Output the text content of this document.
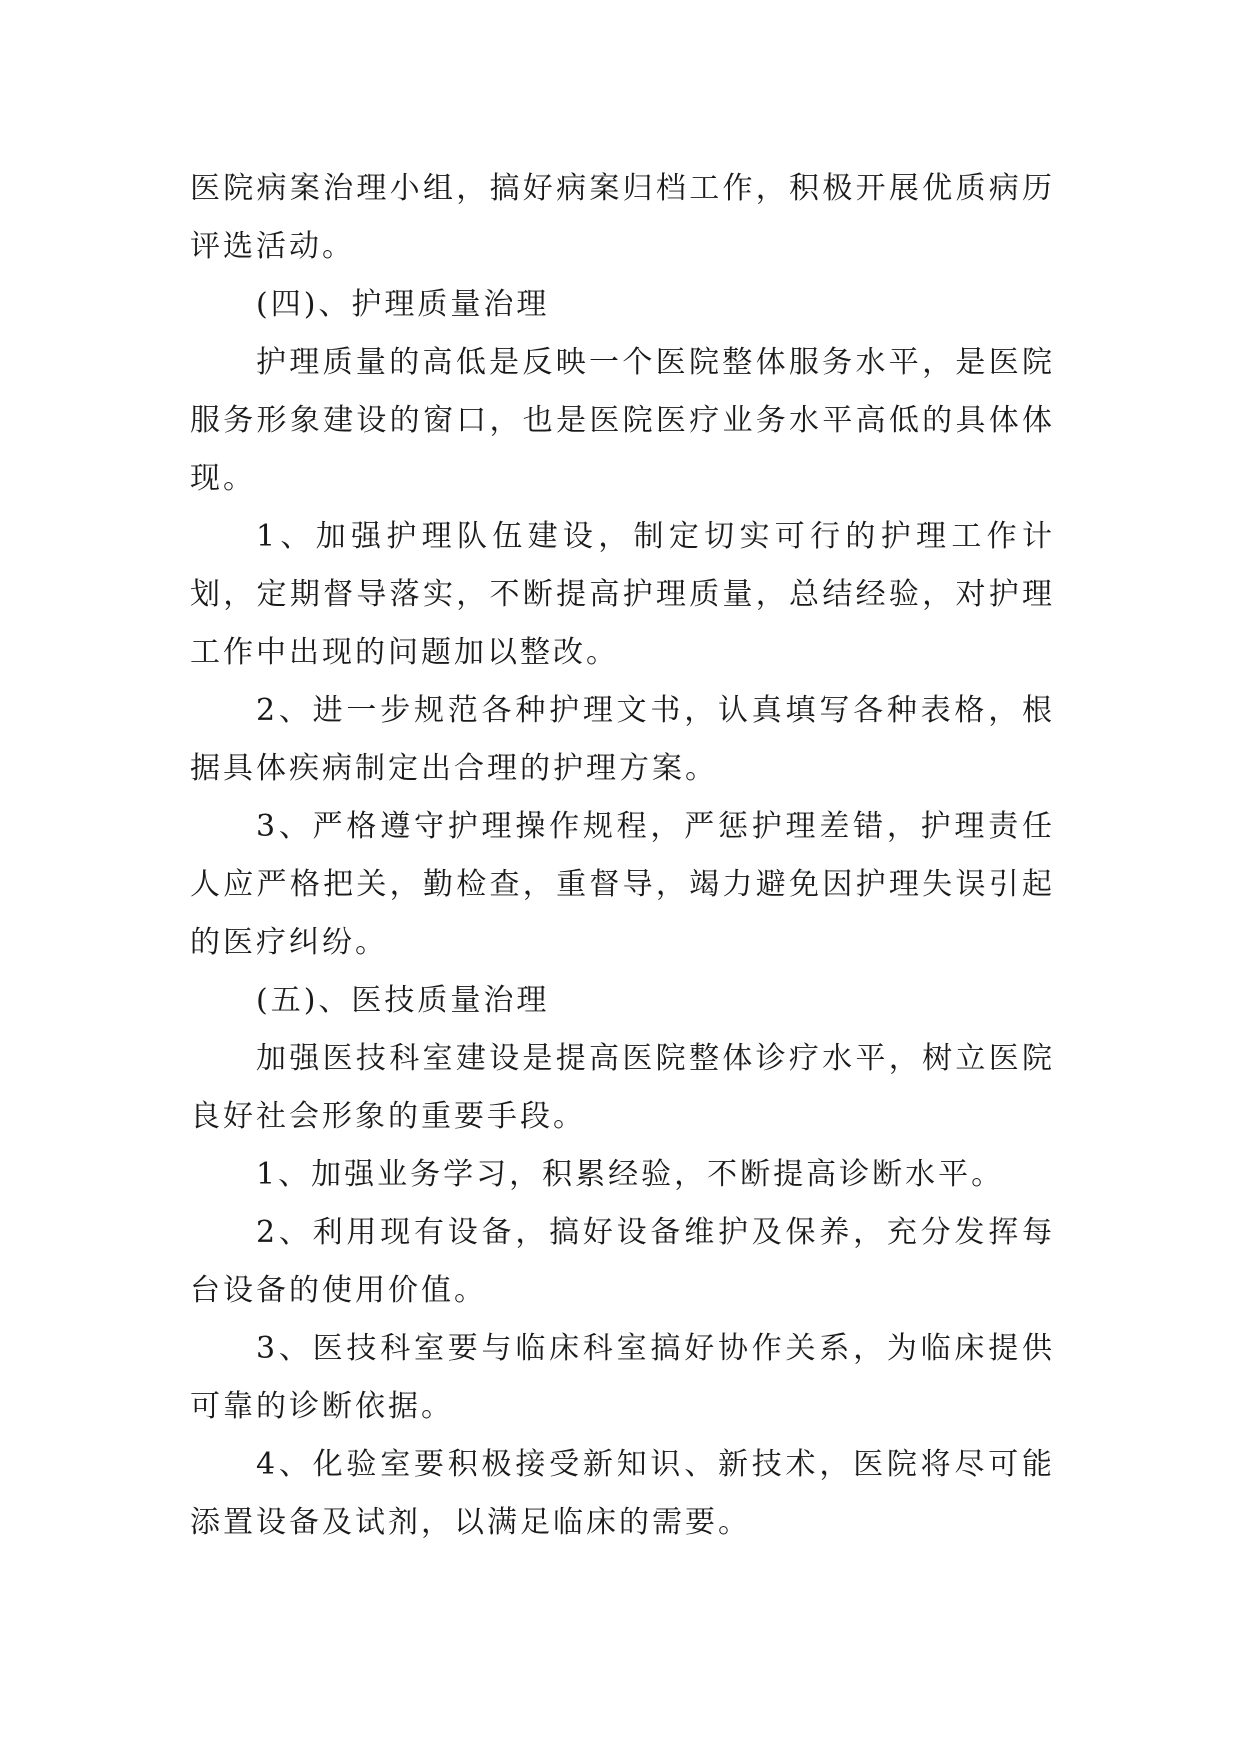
医院病案治理小组，搞好病案归档工作，积极开展优质病历评选活动。

(四)、护理质量治理

护理质量的高低是反映一个医院整体服务水平，是医院服务形象建设的窗口，也是医院医疗业务水平高低的具体体现。

1、加强护理队伍建设，制定切实可行的护理工作计划，定期督导落实，不断提高护理质量，总结经验，对护理工作中出现的问题加以整改。

2、进一步规范各种护理文书，认真填写各种表格，根据具体疾病制定出合理的护理方案。

3、严格遵守护理操作规程，严惩护理差错，护理责任人应严格把关，勤检查，重督导，竭力避免因护理失误引起的医疗纠纷。

(五)、医技质量治理

加强医技科室建设是提高医院整体诊疗水平，树立医院良好社会形象的重要手段。

1、加强业务学习，积累经验，不断提高诊断水平。

2、利用现有设备，搞好设备维护及保养，充分发挥每台设备的使用价值。

3、医技科室要与临床科室搞好协作关系，为临床提供可靠的诊断依据。

4、化验室要积极接受新知识、新技术，医院将尽可能添置设备及试剂，以满足临床的需要。
